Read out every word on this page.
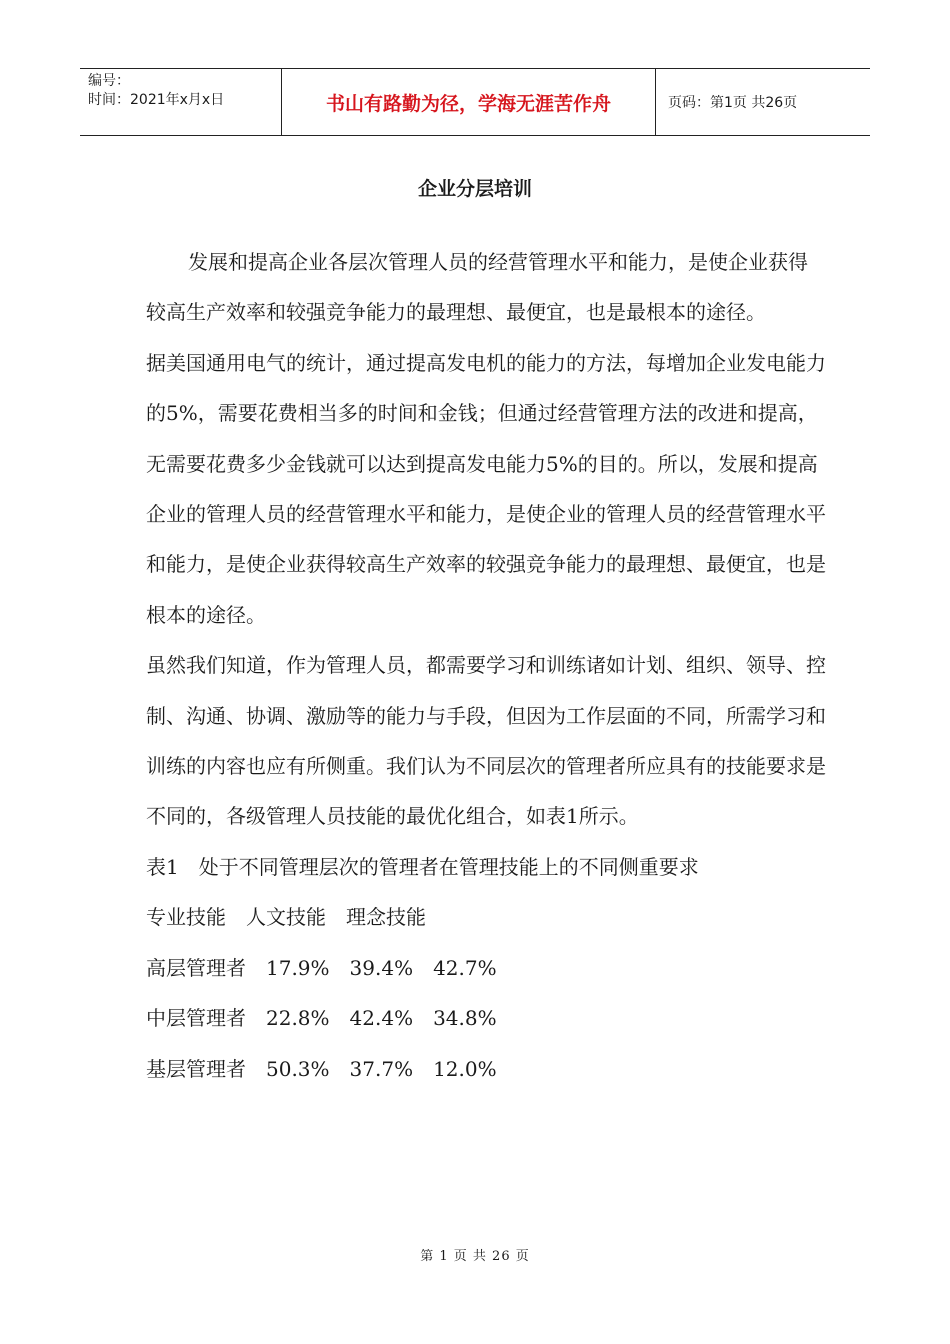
编号：
时间：2021年x月x日	书山有路勤为径，学海无涯苦作舟	页码：第1页 共26页
企业分层培训

发展和提高企业各层次管理人员的经营管理水平和能力，是使企业获得较高生产效率和较强竞争能力的最理想、最便宜，也是最根本的途径。

据美国通用电气的统计，通过提高发电机的能力的方法，每增加企业发电能力的5%，需要花费相当多的时间和金钱；但通过经营管理方法的改进和提高，无需要花费多少金钱就可以达到提高发电能力5%的目的。所以，发展和提高企业的管理人员的经营管理水平和能力，是使企业的管理人员的经营管理水平和能力，是使企业获得较高生产效率的较强竞争能力的最理想、最便宜，也是根本的途径。

虽然我们知道，作为管理人员，都需要学习和训练诸如计划、组织、领导、控制、沟通、协调、激励等的能力与手段，但因为工作层面的不同，所需学习和训练的内容也应有所侧重。我们认为不同层次的管理者所应具有的技能要求是不同的，各级管理人员技能的最优化组合，如表1所示。

表1　处于不同管理层次的管理者在管理技能上的不同侧重要求

专业技能　人文技能　理念技能

高层管理者　17.9%　39.4%　42.7%

中层管理者　22.8%　42.4%　34.8%

基层管理者　50.3%　37.7%　12.0%

第 1 页 共 26 页
